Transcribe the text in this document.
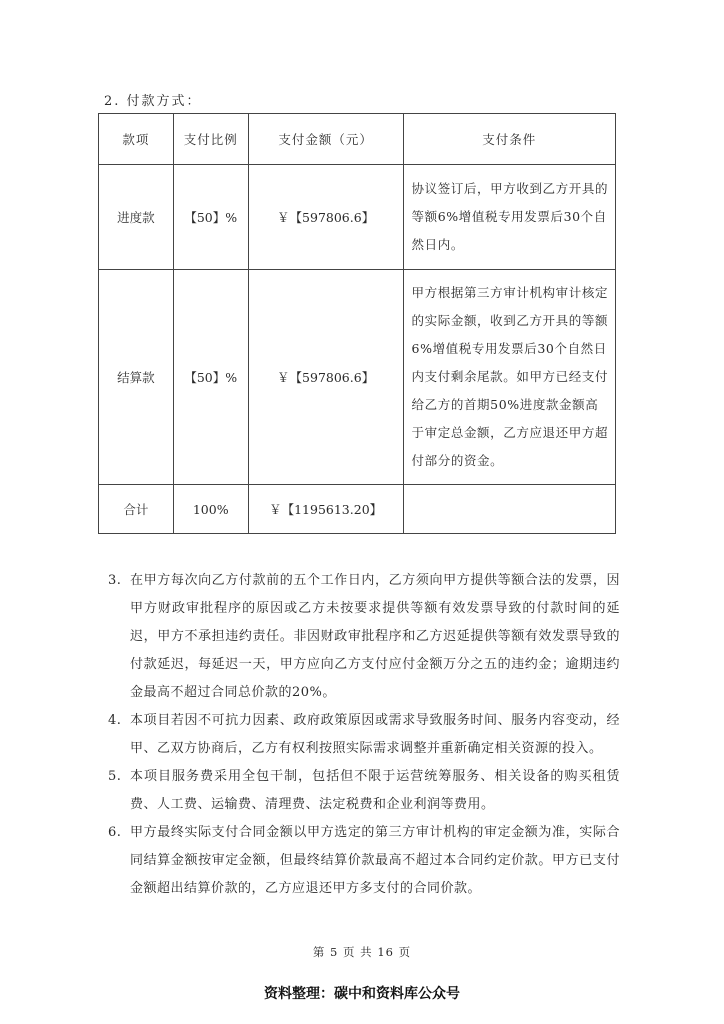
2. 付款方式：
款项	支付比例	支付金额（元）	支付条件
进度款	【50】%	￥【597806.6】	协议签订后，甲方收到乙方开具的等额6%增值税专用发票后30个自然日内。
结算款	【50】%	￥【597806.6】	甲方根据第三方审计机构审计核定的实际金额，收到乙方开具的等额6%增值税专用发票后30个自然日内支付剩余尾款。如甲方已经支付给乙方的首期50%进度款金额高于审定总金额，乙方应退还甲方超付部分的资金。
合计	100%	￥【1195613.20】	
3. 在甲方每次向乙方付款前的五个工作日内，乙方须向甲方提供等额合法的发票，因甲方财政审批程序的原因或乙方未按要求提供等额有效发票导致的付款时间的延迟，甲方不承担违约责任。非因财政审批程序和乙方迟延提供等额有效发票导致的付款延迟，每延迟一天，甲方应向乙方支付应付金额万分之五的违约金；逾期违约金最高不超过合同总价款的20%。
4. 本项目若因不可抗力因素、政府政策原因或需求导致服务时间、服务内容变动，经甲、乙双方协商后，乙方有权利按照实际需求调整并重新确定相关资源的投入。
5. 本项目服务费采用全包干制，包括但不限于运营统筹服务、相关设备的购买租赁费、人工费、运输费、清理费、法定税费和企业利润等费用。
6. 甲方最终实际支付合同金额以甲方选定的第三方审计机构的审定金额为准，实际合同结算金额按审定金额，但最终结算价款最高不超过本合同约定价款。甲方已支付金额超出结算价款的，乙方应退还甲方多支付的合同价款。
第 5 页 共 16 页
资料整理：碳中和资料库公众号
